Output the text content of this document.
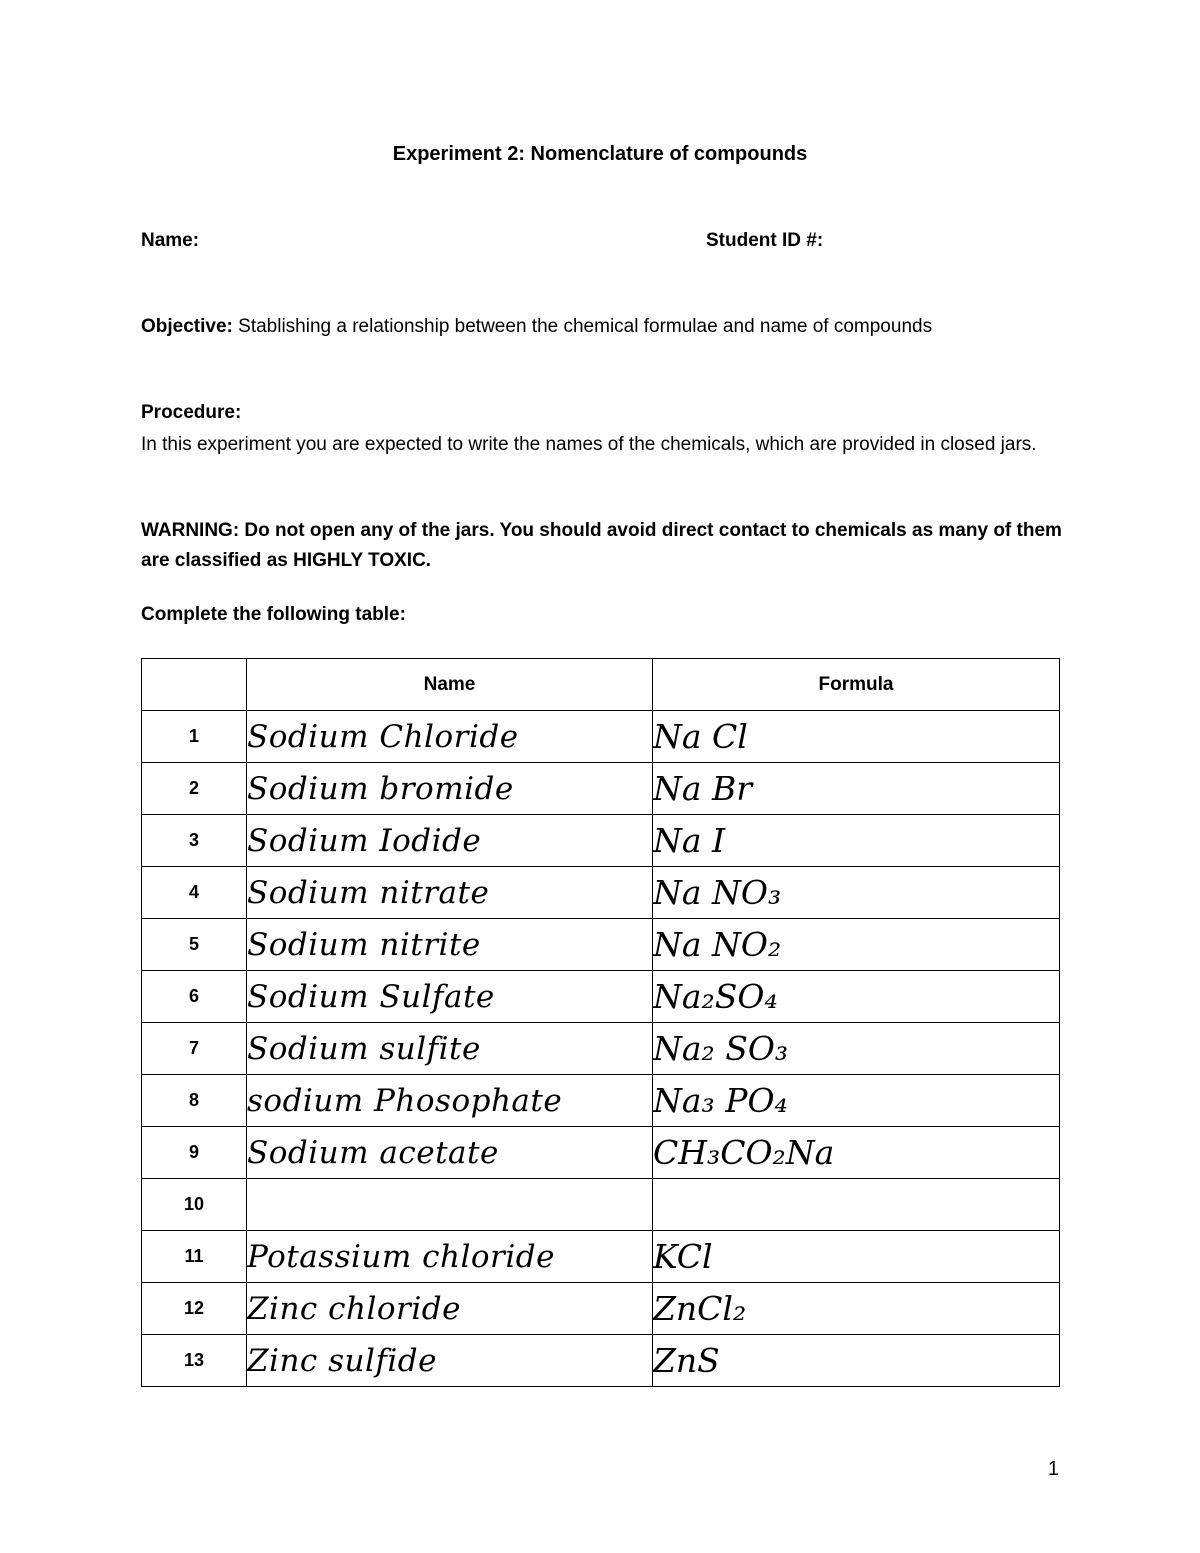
Experiment 2: Nomenclature of compounds
Name:	Student ID #:
Objective: Stablishing a relationship between the chemical formulae and name of compounds
Procedure:
In this experiment you are expected to write the names of the chemicals, which are provided in closed jars.
WARNING: Do not open any of the jars. You should avoid direct contact to chemicals as many of them are classified as HIGHLY TOXIC.
Complete the following table:
	Name	Formula
1	Sodium Chloride	Na Cl
2	Sodium bromide	Na Br
3	Sodium Iodide	Na I
4	Sodium nitrate	Na NO₃
5	Sodium nitrite	Na NO₂
6	Sodium Sulfate	Na₂SO₄
7	Sodium sulfite	Na₂ SO₃
8	sodium Phosophate	Na₃ PO₄
9	Sodium acetate	CH₃CO₂Na
10		
11	Potassium chloride	KCl
12	Zinc chloride	ZnCl₂
13	Zinc sulfide	ZnS
1
